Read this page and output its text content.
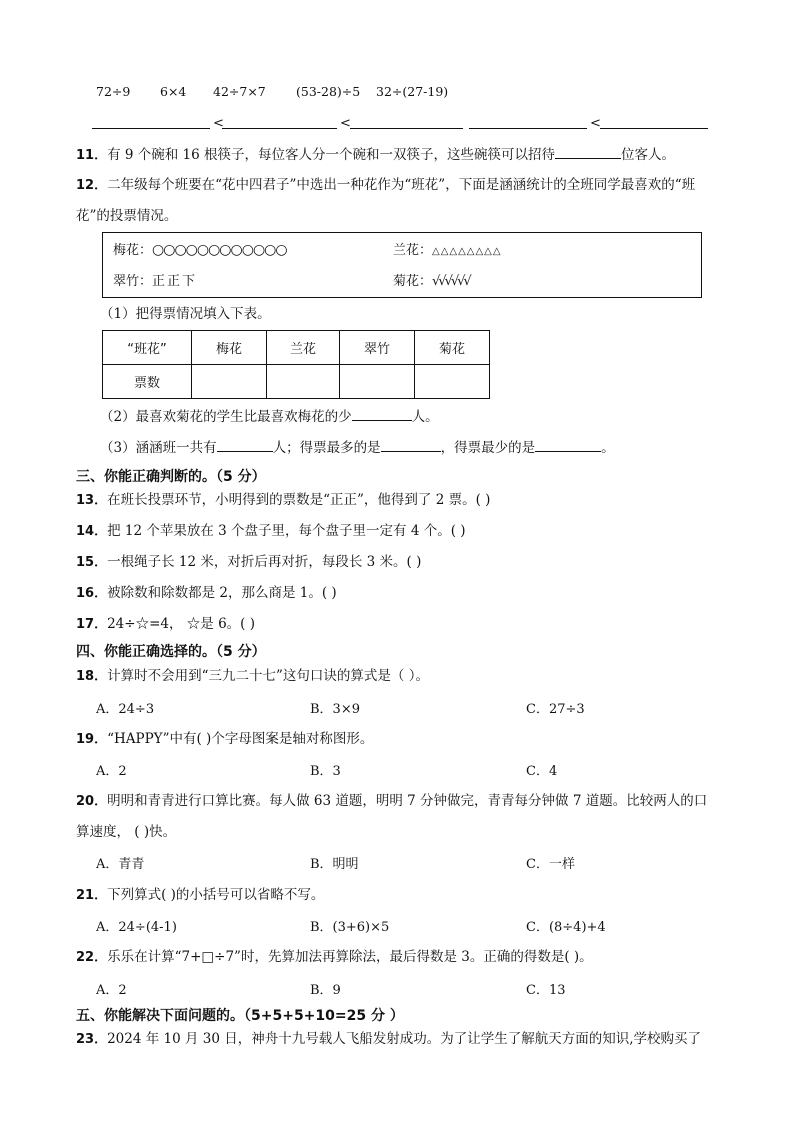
72÷9 6×4 42÷7×7 (53-28)÷5 32÷(27-19)
<	<	<
11．有 9 个碗和 16 根筷子，每位客人分一个碗和一双筷子，这些碗筷可以招待	位客人。
12．二年级每个班要在“花中四君子”中选出一种花作为“班花”，下面是涵涵统计的全班同学最喜欢的“班
花”的投票情况。
梅花：○○○○○○○○○○○○	兰花：△△△△△△△△
翠竹：正正下	菊花：√√√√√√
（1）把得票情况填入下表。
“班花”	梅花	兰花	翠竹	菊花
票数				
（2）最喜欢菊花的学生比最喜欢梅花的少	人。
（3）涵涵班一共有	人；得票最多的是	，得票最少的是	。
三、你能正确判断的。（5 分）
13．在班长投票环节，小明得到的票数是“正正”，他得到了 2 票。( )
14．把 12 个苹果放在 3 个盘子里，每个盘子里一定有 4 个。( )
15．一根绳子长 12 米，对折后再对折，每段长 3 米。( )
16．被除数和除数都是 2，那么商是 1。( )
17．24÷☆=4， ☆是 6。( )
四、你能正确选择的。（5 分）
18．计算时不会用到“三九二十七”这句口诀的算式是（ ）。
A．24÷3	B．3×9	C．27÷3
19．“HAPPY”中有( )个字母图案是轴对称图形。
A．2	B．3	C．4
20．明明和青青进行口算比赛。每人做 63 道题，明明 7 分钟做完，青青每分钟做 7 道题。比较两人的口
算速度， ( )快。
A．青青	B．明明	C．一样
21．下列算式( )的小括号可以省略不写。
A．24÷(4-1)	B．(3+6)×5	C．(8÷4)+4
22．乐乐在计算“7+□÷7”时，先算加法再算除法，最后得数是 3。正确的得数是( )。
A．2	B．9	C．13
五、你能解决下面问题的。（5+5+5+10=25 分 ）
23．2024 年 10 月 30 日，神舟十九号载人飞船发射成功。为了让学生了解航天方面的知识,学校购买了
